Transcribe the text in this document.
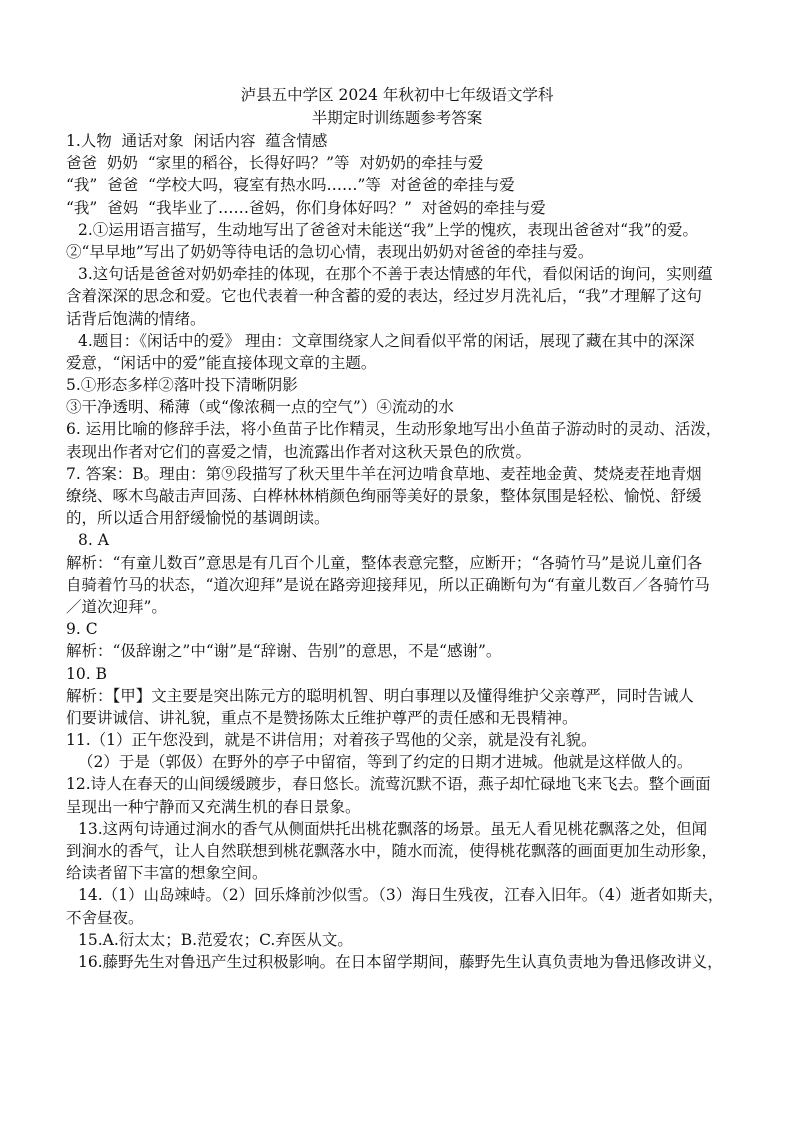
泸县五中学区 2024 年秋初中七年级语文学科
半期定时训练题参考答案
1.人物  通话对象  闲话内容  蕴含情感
爸爸  奶奶  “家里的稻谷，长得好吗？”等  对奶奶的牵挂与爱
“我”  爸爸  “学校大吗，寝室有热水吗……”等  对爸爸的牵挂与爱
“我”  爸妈  “我毕业了……爸妈，你们身体好吗？”  对爸妈的牵挂与爱
2.①运用语言描写，生动地写出了爸爸对未能送“我”上学的愧疚，表现出爸爸对“我”的爱。
②“早早地”写出了奶奶等待电话的急切心情，表现出奶奶对爸爸的牵挂与爱。
3.这句话是爸爸对奶奶牵挂的体现，在那个不善于表达情感的年代，看似闲话的询问，实则蕴
含着深深的思念和爱。它也代表着一种含蓄的爱的表达，经过岁月洗礼后，“我”才理解了这句
话背后饱满的情绪。
4.题目：《闲话中的爱》 理由：文章围绕家人之间看似平常的闲话，展现了藏在其中的深深
爱意，“闲话中的爱”能直接体现文章的主题。
5.①形态多样②落叶投下清晰阴影
③干净透明、稀薄（或“像浓稠一点的空气”）④流动的水
6. 运用比喻的修辞手法，将小鱼苗子比作精灵，生动形象地写出小鱼苗子游动时的灵动、活泼，
表现出作者对它们的喜爱之情，也流露出作者对这秋天景色的欣赏。
7. 答案：B。理由：第⑨段描写了秋天里牛羊在河边啃食草地、麦茬地金黄、焚烧麦茬地青烟
缭绕、啄木鸟敲击声回荡、白桦林林梢颜色绚丽等美好的景象，整体氛围是轻松、愉悦、舒缓
的，所以适合用舒缓愉悦的基调朗读。
8. A
解析：“有童儿数百”意思是有几百个儿童，整体表意完整，应断开；“各骑竹马”是说儿童们各
自骑着竹马的状态，“道次迎拜”是说在路旁迎接拜见，所以正确断句为“有童儿数百／各骑竹马
／道次迎拜”。
9. C
解析：“伋辞谢之”中“谢”是“辞谢、告别”的意思，不是“感谢”。
10. B
解析：【甲】文主要是突出陈元方的聪明机智、明白事理以及懂得维护父亲尊严，同时告诫人
们要讲诚信、讲礼貌，重点不是赞扬陈太丘维护尊严的责任感和无畏精神。
11.（1）正午您没到，就是不讲信用；对着孩子骂他的父亲，就是没有礼貌。
（2）于是（郭伋）在野外的亭子中留宿，等到了约定的日期才进城。他就是这样做人的。
12.诗人在春天的山间缓缓踱步，春日悠长。流莺沉默不语，燕子却忙碌地飞来飞去。整个画面
呈现出一种宁静而又充满生机的春日景象。
13.这两句诗通过涧水的香气从侧面烘托出桃花飘落的场景。虽无人看见桃花飘落之处，但闻
到涧水的香气，让人自然联想到桃花飘落水中，随水而流，使得桃花飘落的画面更加生动形象，
给读者留下丰富的想象空间。
14.（1）山岛竦峙。（2）回乐烽前沙似雪。（3）海日生残夜，江春入旧年。（4）逝者如斯夫，
不舍昼夜。
15.A.衍太太；B.范爱农；C.弃医从文。
16.藤野先生对鲁迅产生过积极影响。在日本留学期间，藤野先生认真负责地为鲁迅修改讲义，
